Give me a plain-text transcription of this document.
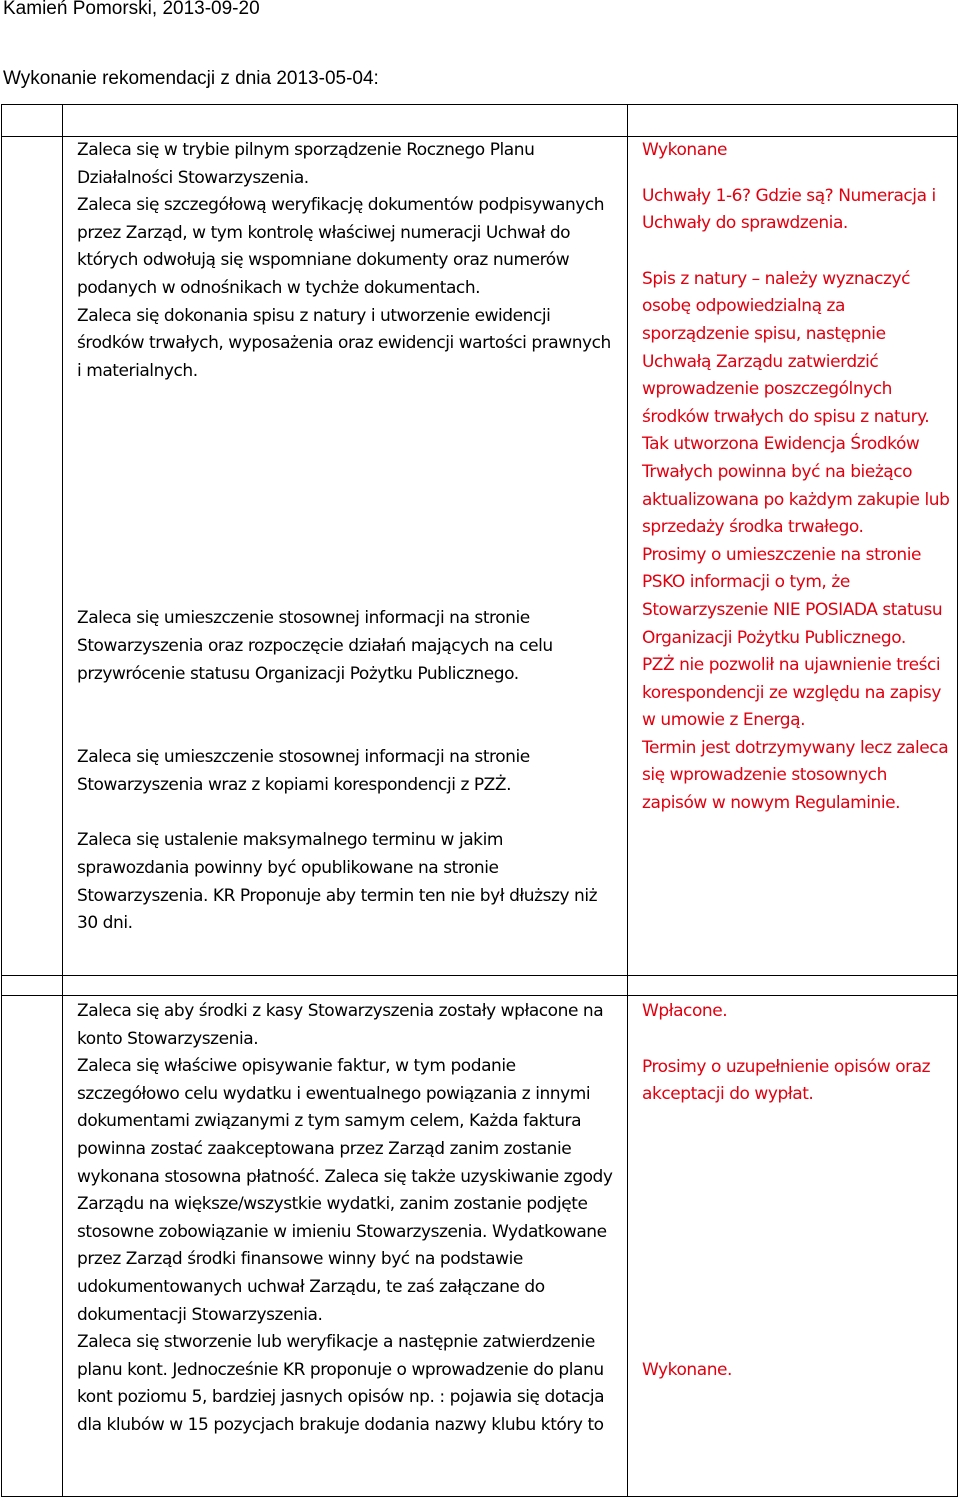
Kamień Pomorski, 2013-09-20
Wykonanie rekomendacji z dnia 2013-05-04:
Zaleca się w trybie pilnym sporządzenie Rocznego Planu Działalności Stowarzyszenia.
Zaleca się szczegółową weryfikację dokumentów podpisywanych przez Zarząd, w tym kontrolę właściwej numeracji Uchwał do których odwołują się wspomniane dokumenty oraz numerów podanych w odnośnikach w tychże dokumentach.
Zaleca się dokonania spisu z natury i utworzenie ewidencji środków trwałych, wyposażenia oraz ewidencji wartości prawnych i materialnych.
Zaleca się umieszczenie stosownej informacji na stronie Stowarzyszenia oraz rozpoczęcie działań mających na celu przywrócenie statusu Organizacji Pożytku Publicznego.
Zaleca się umieszczenie stosownej informacji na stronie Stowarzyszenia wraz z kopiami korespondencji z PZŻ.
Zaleca się ustalenie maksymalnego terminu w jakim sprawozdania powinny być opublikowane na stronie Stowarzyszenia. KR Proponuje aby termin ten nie był dłuższy niż 30 dni.
Wykonane
Uchwały 1-6? Gdzie są? Numeracja i Uchwały do sprawdzenia.
Spis z natury – należy wyznaczyć osobę odpowiedzialną za sporządzenie spisu, następnie Uchwałą Zarządu zatwierdzić wprowadzenie poszczególnych środków trwałych do spisu z natury. Tak utworzona Ewidencja Środków Trwałych powinna być na bieżąco aktualizowana po każdym zakupie lub sprzedaży środka trwałego.
Prosimy o umieszczenie na stronie PSKO informacji o tym, że Stowarzyszenie NIE POSIADA statusu Organizacji Pożytku Publicznego.
PZŻ nie pozwolił na ujawnienie treści korespondencji ze względu na zapisy w umowie z Energą.
Termin jest dotrzymywany lecz zaleca się wprowadzenie stosownych zapisów w nowym Regulaminie.
Zaleca się aby środki z kasy Stowarzyszenia zostały wpłacone na konto Stowarzyszenia.
Zaleca się właściwe opisywanie faktur, w tym podanie szczegółowo celu wydatku i ewentualnego powiązania z innymi dokumentami związanymi z tym samym celem, Każda faktura powinna zostać zaakceptowana przez Zarząd zanim zostanie wykonana stosowna płatność. Zaleca się także uzyskiwanie zgody Zarządu na większe/wszystkie wydatki, zanim zostanie podjęte stosowne zobowiązanie w imieniu Stowarzyszenia. Wydatkowane przez Zarząd środki finansowe winny być na podstawie udokumentowanych uchwał Zarządu, te zaś załączane do dokumentacji Stowarzyszenia.
Zaleca się stworzenie lub weryfikacje a następnie zatwierdzenie planu kont. Jednocześnie KR proponuje o wprowadzenie do planu kont poziomu 5, bardziej jasnych opisów np. : pojawia się dotacja dla klubów w 15 pozycjach brakuje dodania nazwy klubu który to
Wpłacone.
Prosimy o uzupełnienie opisów oraz akceptacji do wypłat.
Wykonane.
